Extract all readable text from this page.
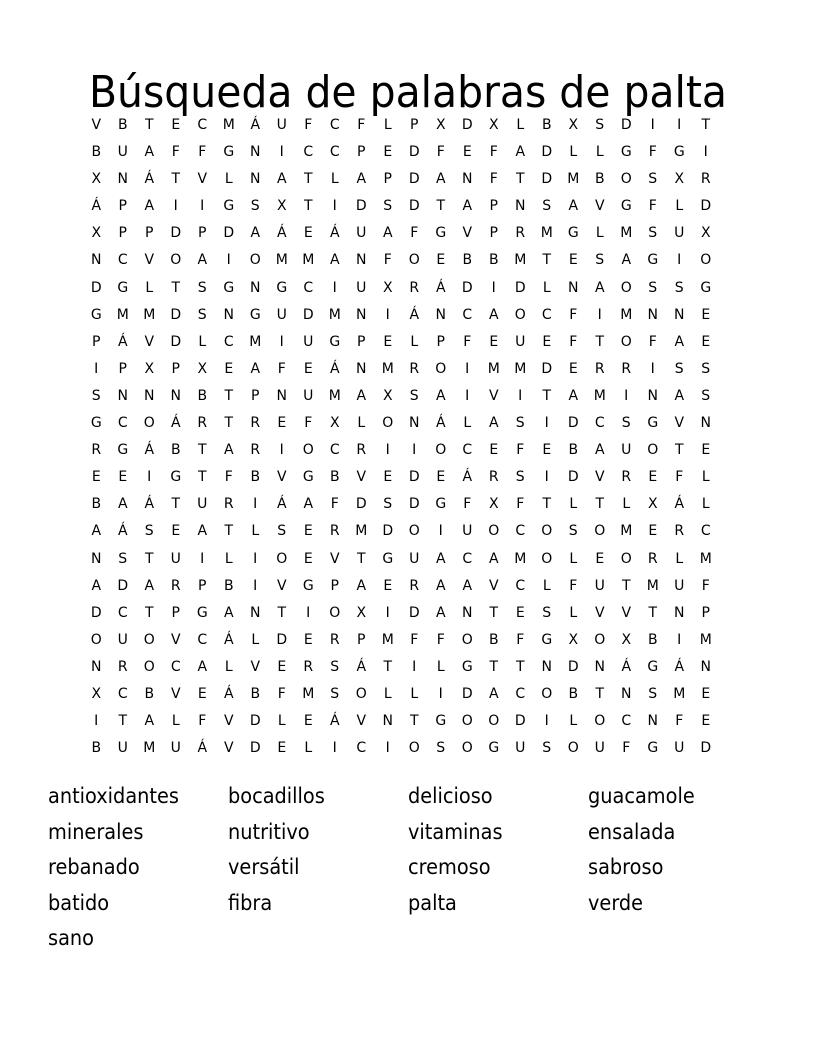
Búsqueda de palabras de palta
V	B	T	E	C	M	Á	U	F	C	F	L	P	X	D	X	L	B	X	S	D	I	I	T
B	U	A	F	F	G	N	I	C	C	P	E	D	F	E	F	A	D	L	L	G	F	G	I
X	N	Á	T	V	L	N	A	T	L	A	P	D	A	N	F	T	D	M	B	O	S	X	R
Á	P	A	I	I	G	S	X	T	I	D	S	D	T	A	P	N	S	A	V	G	F	L	D
X	P	P	D	P	D	A	Á	E	Á	U	A	F	G	V	P	R	M	G	L	M	S	U	X
N	C	V	O	A	I	O	M	M	A	N	F	O	E	B	B	M	T	E	S	A	G	I	O
D	G	L	T	S	G	N	G	C	I	U	X	R	Á	D	I	D	L	N	A	O	S	S	G
G	M	M	D	S	N	G	U	D	M	N	I	Á	N	C	A	O	C	F	I	M	N	N	E
P	Á	V	D	L	C	M	I	U	G	P	E	L	P	F	E	U	E	F	T	O	F	A	E
I	P	X	P	X	E	A	F	E	Á	N	M	R	O	I	M	M	D	E	R	R	I	S	S
S	N	N	N	B	T	P	N	U	M	A	X	S	A	I	V	I	T	A	M	I	N	A	S
G	C	O	Á	R	T	R	E	F	X	L	O	N	Á	L	A	S	I	D	C	S	G	V	N
R	G	Á	B	T	A	R	I	O	C	R	I	I	O	C	E	F	E	B	A	U	O	T	E
E	E	I	G	T	F	B	V	G	B	V	E	D	E	Á	R	S	I	D	V	R	E	F	L
B	A	Á	T	U	R	I	Á	A	F	D	S	D	G	F	X	F	T	L	T	L	X	Á	L
A	Á	S	E	A	T	L	S	E	R	M	D	O	I	U	O	C	O	S	O	M	E	R	C
N	S	T	U	I	L	I	O	E	V	T	G	U	A	C	A	M	O	L	E	O	R	L	M
A	D	A	R	P	B	I	V	G	P	A	E	R	A	A	V	C	L	F	U	T	M	U	F
D	C	T	P	G	A	N	T	I	O	X	I	D	A	N	T	E	S	L	V	V	T	N	P
O	U	O	V	C	Á	L	D	E	R	P	M	F	F	O	B	F	G	X	O	X	B	I	M
N	R	O	C	A	L	V	E	R	S	Á	T	I	L	G	T	T	N	D	N	Á	G	Á	N
X	C	B	V	E	Á	B	F	M	S	O	L	L	I	D	A	C	O	B	T	N	S	M	E
I	T	A	L	F	V	D	L	E	Á	V	N	T	G	O	O	D	I	L	O	C	N	F	E
B	U	M	U	Á	V	D	E	L	I	C	I	O	S	O	G	U	S	O	U	F	G	U	D
antioxidantes	bocadillos	delicioso	guacamole
minerales	nutritivo	vitaminas	ensalada
rebanado	versátil	cremoso	sabroso
batido	fibra	palta	verde
sano
